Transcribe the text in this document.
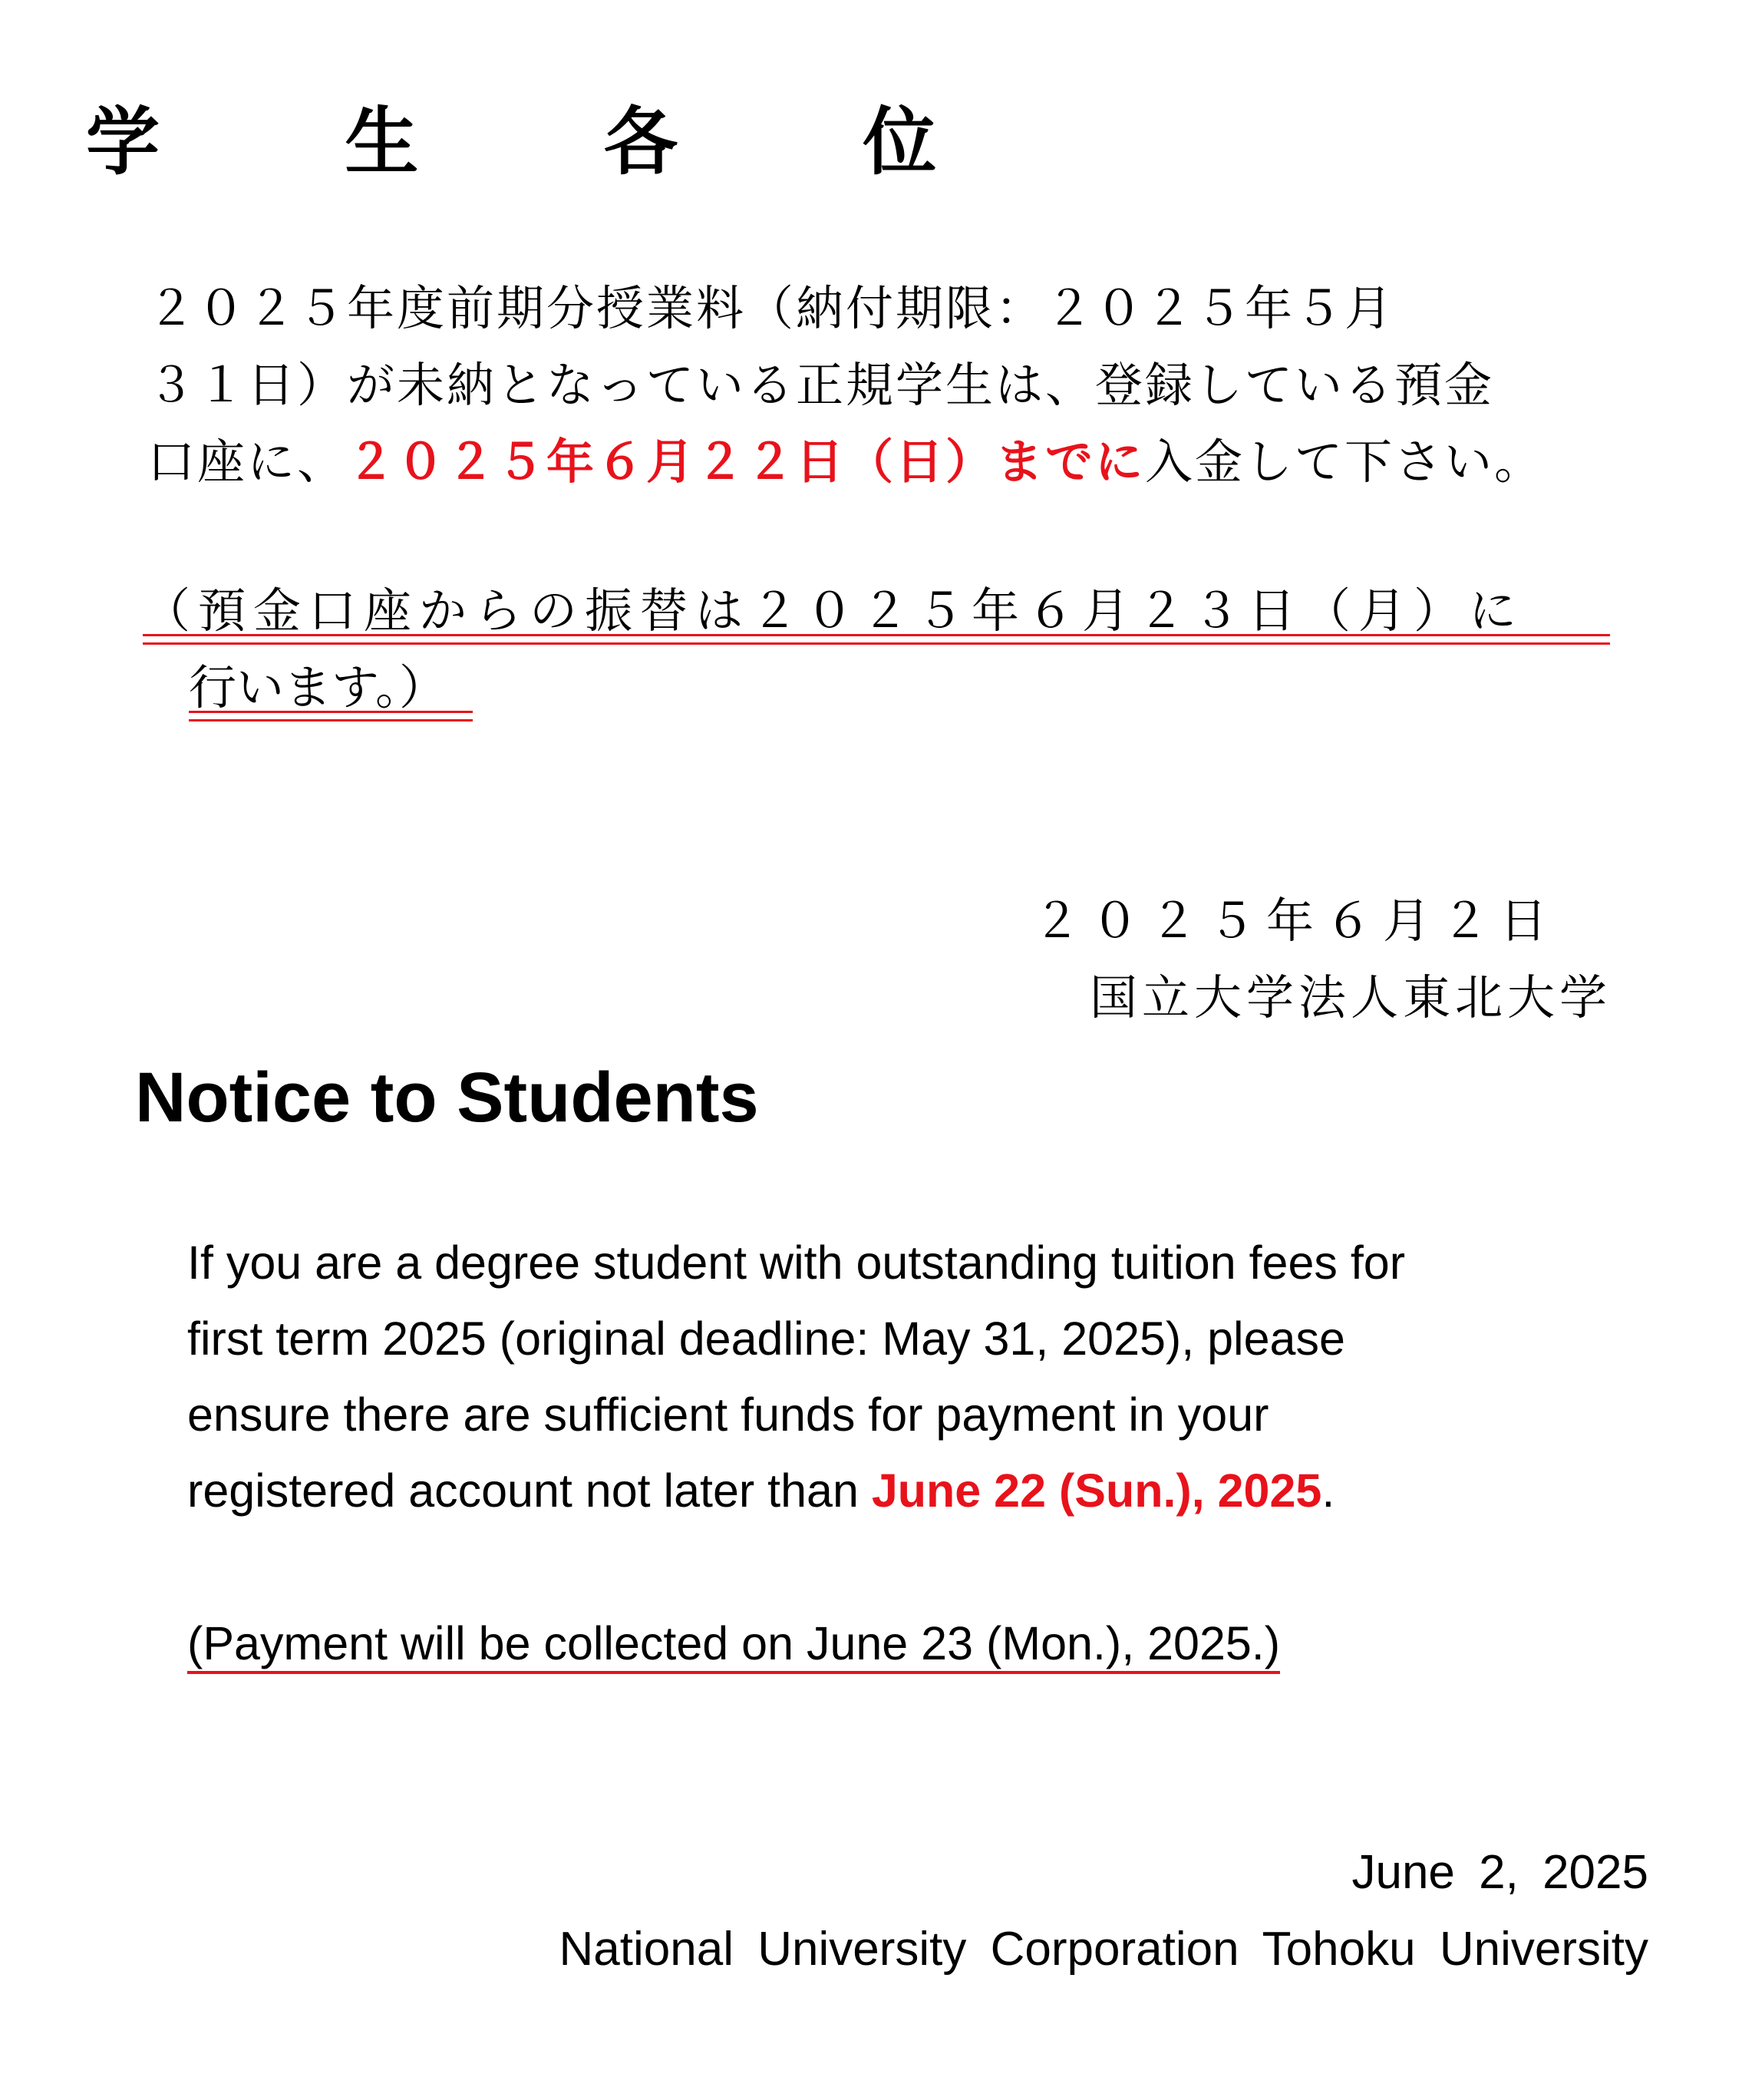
学 生 各 位
２０２５年度前期分授業料（納付期限：２０２５年５月
３１日）が未納となっている正規学生は、登録している預金
口座に、２０２５年６月２２日（日）までに入金して下さい。
（預金口座からの振替は２０２５年６月２３日（月）に
行います。）
２０２５年６月２日
国立大学法人東北大学
Notice to Students
If you are a degree student with outstanding tuition fees for
first term 2025 (original deadline: May 31, 2025), please
ensure there are sufficient funds for payment in your
registered account not later than June 22 (Sun.), 2025.
(Payment will be collected on June 23 (Mon.), 2025.)
June 2, 2025
National University Corporation Tohoku University
